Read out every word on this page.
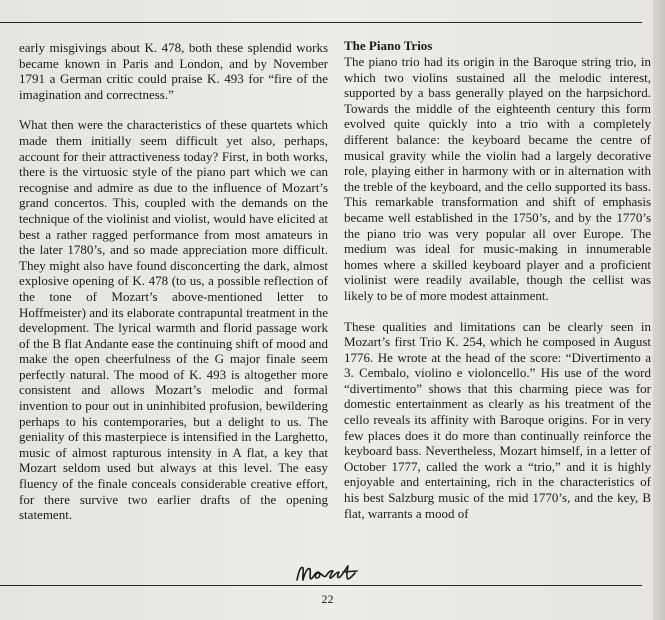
early misgivings about K. 478, both these splendid works became known in Paris and London, and by November 1791 a German critic could praise K. 493 for “fire of the imagination and correctness.”

What then were the characteristics of these quartets which made them initially seem difficult yet also, perhaps, account for their attractiveness today? First, in both works, there is the virtuosic style of the piano part which we can recognise and admire as due to the influence of Mozart’s grand concertos. This, coupled with the demands on the technique of the violinist and violist, would have elicited at best a rather ragged performance from most amateurs in the later 1780’s, and so made appreciation more difficult. They might also have found disconcerting the dark, almost explosive opening of K. 478 (to us, a possible reflection of the tone of Mozart’s above-mentioned letter to Hoffmeister) and its elaborate contrapuntal treatment in the development. The lyrical warmth and florid passage work of the B flat Andante ease the continuing shift of mood and make the open cheerfulness of the G major finale seem perfectly natural. The mood of K. 493 is altogether more consistent and allows Mozart’s melodic and formal invention to pour out in uninhibited profusion, bewildering perhaps to his contemporaries, but a delight to us. The geniality of this masterpiece is intensified in the Larghetto, music of almost rapturous intensity in A flat, a key that Mozart seldom used but always at this level. The easy fluency of the finale conceals considerable creative effort, for there survive two earlier drafts of the opening statement.

The Piano Trios

The piano trio had its origin in the Baroque string trio, in which two violins sustained all the melodic interest, supported by a bass generally played on the harpsichord. Towards the middle of the eighteenth century this form evolved quite quickly into a trio with a completely different balance: the keyboard became the centre of musical gravity while the violin had a largely decorative role, playing either in harmony with or in alternation with the treble of the keyboard, and the cello supported its bass. This remarkable transformation and shift of emphasis became well established in the 1750’s, and by the 1770’s the piano trio was very popular all over Europe. The medium was ideal for music-making in innumerable homes where a skilled keyboard player and a proficient violinist were readily available, though the cellist was likely to be of more modest attainment.

These qualities and limitations can be clearly seen in Mozart’s first Trio K. 254, which he composed in August 1776. He wrote at the head of the score: “Divertimento a 3. Cembalo, violino e violoncello.” His use of the word “divertimento” shows that this charming piece was for domestic entertainment as clearly as his treatment of the cello reveals its affinity with Baroque origins. For in very few places does it do more than continually reinforce the keyboard bass. Nevertheless, Mozart himself, in a letter of October 1777, called the work a “trio,” and it is highly enjoyable and entertaining, rich in the characteristics of his best Salzburg music of the mid 1770’s, and the key, B flat, warrants a mood of

22
